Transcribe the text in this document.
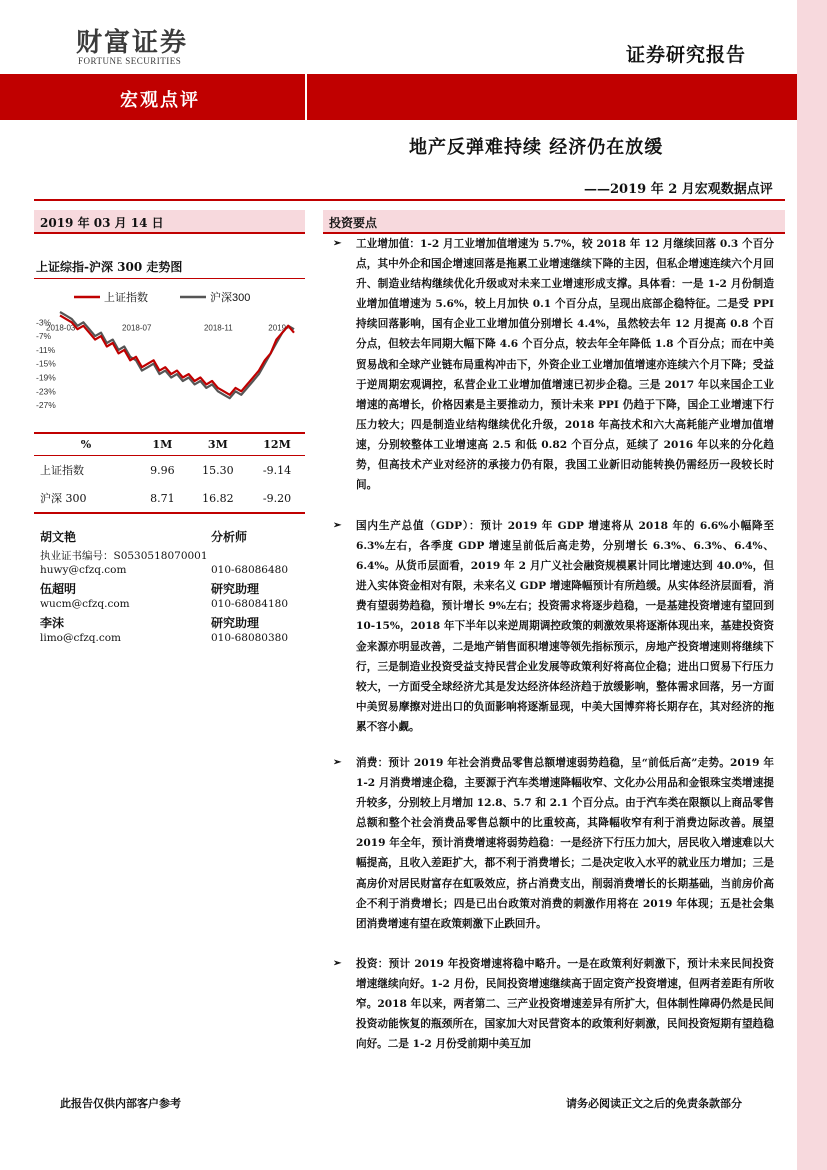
财富证券
FORTUNE SECURITIES	证券研究报告
宏观点评
地产反弹难持续 经济仍在放缓
——2019 年 2 月宏观数据点评
2019 年 03 月 14 日
上证综指-沪深 300 走势图
上证指数	沪深300
-3%
-7%
-11%
-15%
-19%
-23%
-27%
2018-03	2018-07	2018-11	2019-
%	1M	3M	12M
上证指数	9.96	15.30	-9.14
沪深 300	8.71	16.82	-9.20
胡文艳	分析师
执业证书编号：S0530518070001
huwy@cfzq.com	010-68086480
伍超明	研究助理
wucm@cfzq.com	010-68084180
李沫	研究助理
limo@cfzq.com	010-68080380
投资要点
➢ 工业增加值：1-2 月工业增加值增速为 5.7%，较 2018 年 12 月继续回落 0.3 个百分点，其中外企和国企增速回落是拖累工业增速继续下降的主因，但私企增速连续六个月回升、制造业结构继续优化升级或对未来工业增速形成支撑。具体看：一是 1-2 月份制造业增加值增速为 5.6%，较上月加快 0.1 个百分点，呈现出底部企稳特征。二是受 PPI 持续回落影响，国有企业工业增加值分别增长 4.4%，虽然较去年 12 月提高 0.8 个百分点，但较去年同期大幅下降 4.6 个百分点，较去年全年降低 1.8 个百分点；而在中美贸易战和全球产业链布局重构冲击下，外资企业工业增加值增速亦连续六个月下降；受益于逆周期宏观调控，私营企业工业增加值增速已初步企稳。三是 2017 年以来国企工业增速的高增长，价格因素是主要推动力，预计未来 PPI 仍趋于下降，国企工业增速下行压力较大；四是制造业结构继续优化升级，2018 年高技术和六大高耗能产业增加值增速，分别较整体工业增速高 2.5 和低 0.82 个百分点，延续了 2016 年以来的分化趋势，但高技术产业对经济的承接力仍有限，我国工业新旧动能转换仍需经历一段较长时间。
➢ 国内生产总值（GDP）：预计 2019 年 GDP 增速将从 2018 年的 6.6%小幅降至 6.3%左右，各季度 GDP 增速呈前低后高走势，分别增长 6.3%、6.3%、6.4%、6.4%。从货币层面看，2019 年 2 月广义社会融资规模累计同比增速达到 40.0%，但进入实体资金相对有限，未来名义 GDP 增速降幅预计有所趋缓。从实体经济层面看，消费有望弱势趋稳，预计增长 9%左右；投资需求将逐步趋稳，一是基建投资增速有望回到 10-15%，2018 年下半年以来逆周期调控政策的刺激效果将逐渐体现出来，基建投资资金来源亦明显改善，二是地产销售面积增速等领先指标预示，房地产投资增速则将继续下行，三是制造业投资受益支持民营企业发展等政策利好将高位企稳；进出口贸易下行压力较大，一方面受全球经济尤其是发达经济体经济趋于放缓影响，整体需求回落，另一方面中美贸易摩擦对进出口的负面影响将逐渐显现，中美大国博弈将长期存在，其对经济的拖累不容小觑。
➢ 消费：预计 2019 年社会消费品零售总额增速弱势趋稳，呈“前低后高”走势。2019 年 1-2 月消费增速企稳，主要源于汽车类增速降幅收窄、文化办公用品和金银珠宝类增速提升较多，分别较上月增加 12.8、5.7 和 2.1 个百分点。由于汽车类在限额以上商品零售总额和整个社会消费品零售总额中的比重较高，其降幅收窄有利于消费边际改善。展望 2019 年全年，预计消费增速将弱势趋稳：一是经济下行压力加大，居民收入增速难以大幅提高，且收入差距扩大，都不利于消费增长；二是决定收入水平的就业压力增加；三是高房价对居民财富存在虹吸效应，挤占消费支出，削弱消费增长的长期基础，当前房价高企不利于消费增长；四是已出台政策对消费的刺激作用将在 2019 年体现；五是社会集团消费增速有望在政策刺激下止跌回升。
➢ 投资：预计 2019 年投资增速将稳中略升。一是在政策利好刺激下，预计未来民间投资增速继续向好。1-2 月份，民间投资增速继续高于固定资产投资增速，但两者差距有所收窄。2018 年以来，两者第二、三产业投资增速差异有所扩大，但体制性障碍仍然是民间投资动能恢复的瓶颈所在，国家加大对民营资本的政策利好刺激，民间投资短期有望趋稳向好。二是 1-2 月份受前期中美互加
此报告仅供内部客户参考	请务必阅读正文之后的免责条款部分
